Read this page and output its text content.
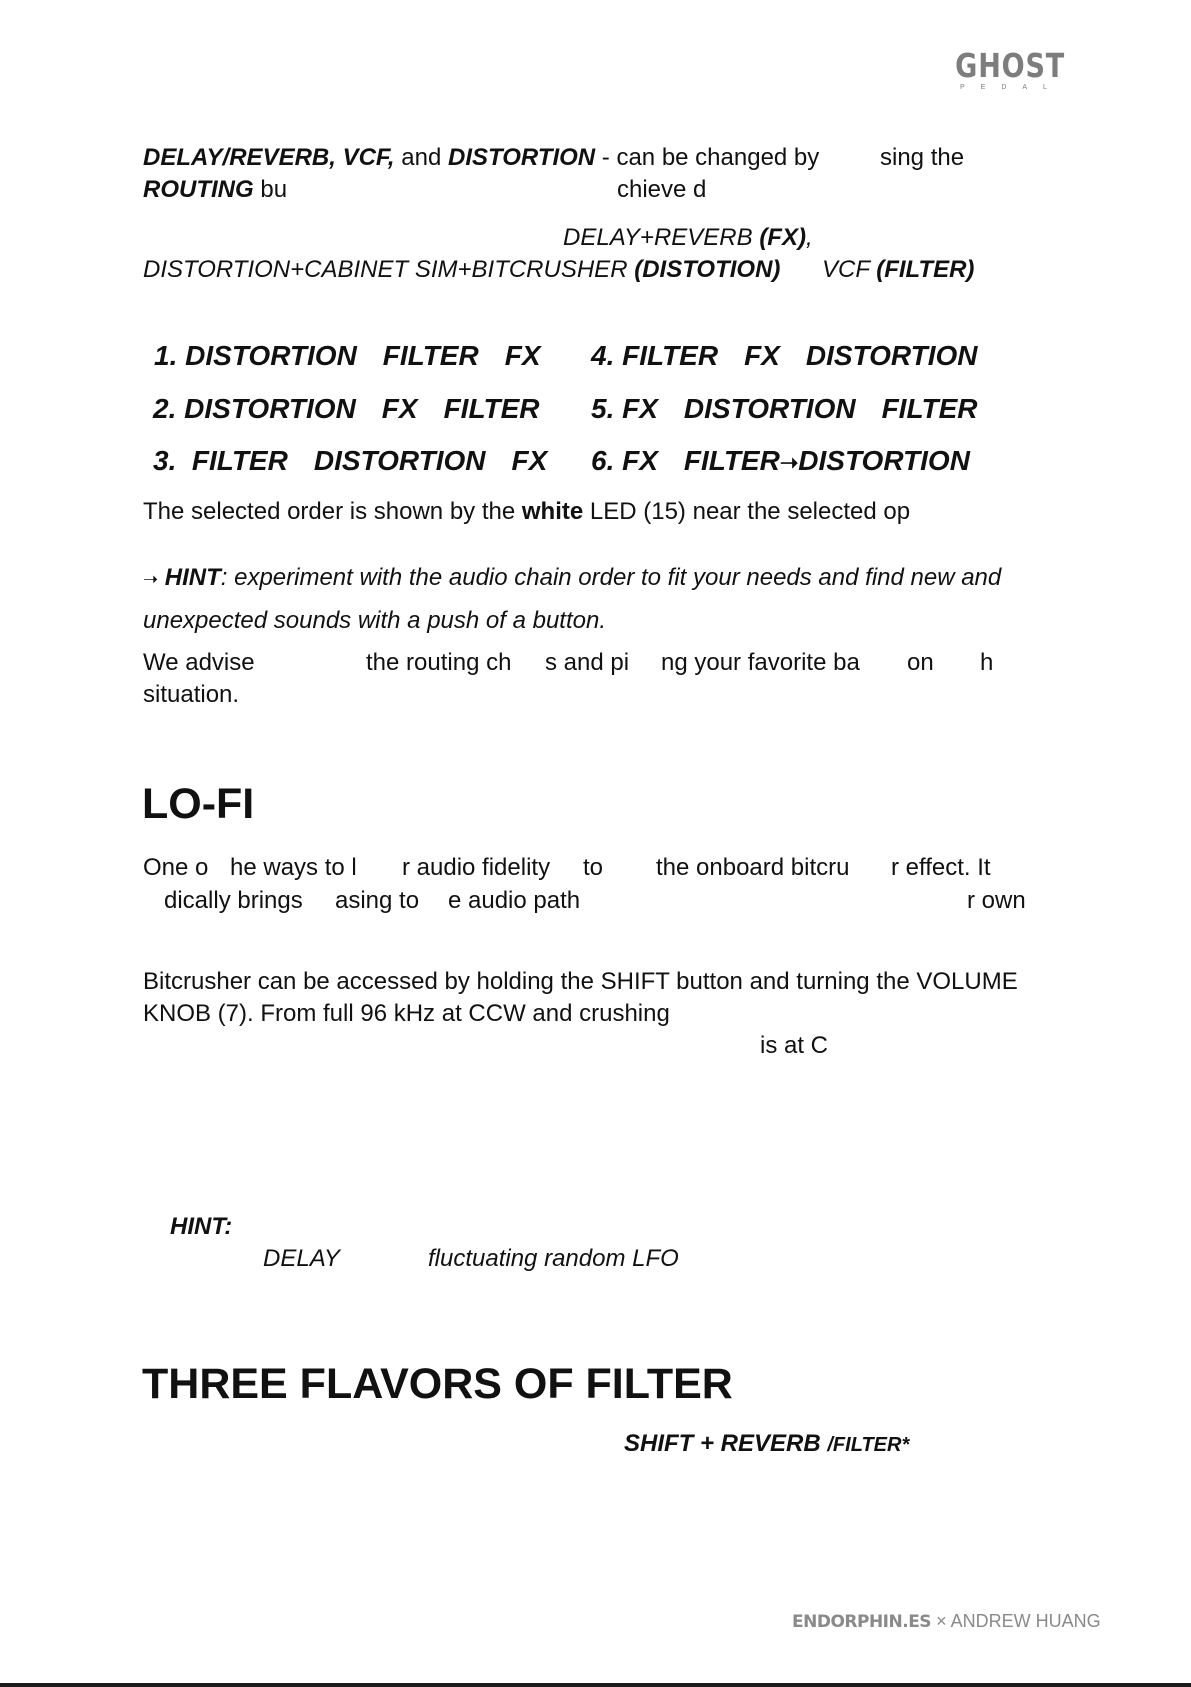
GHOST
PEDAL
DELAY/REVERB, VCF, and DISTORTION - can be changed by	sing the
ROUTING bu	chieve d
DELAY+REVERB (FX),
DISTORTION+CABINET SIM+BITCRUSHER (DISTOTION) VCF (FILTER)
1. DISTORTION FILTER FX
2. DISTORTION FX FILTER
3. FILTER DISTORTION FX
4. FILTER FX DISTORTION
5. FX DISTORTION FILTER
6. FX FILTER➝DISTORTION
The selected order is shown by the white LED (15) near the selected op
➝ HINT: experiment with the audio chain order to fit your needs and find new and
unexpected sounds with a push of a button.
We advise	the routing ch s and pi ng your favorite ba on h
situation.
LO-FI
One o he ways to l r audio fidelity to the onboard bitcru r effect. It
dically brings asing to e audio path	r own
Bitcrusher can be accessed by holding the SHIFT button and turning the VOLUME
KNOB (7). From full 96 kHz at CCW and crushing
is at C
HINT:
DELAY	fluctuating random LFO
THREE FLAVORS OF FILTER
SHIFT + REVERB /FILTER*
ENDORPHIN.ES × ANDREW HUANG
